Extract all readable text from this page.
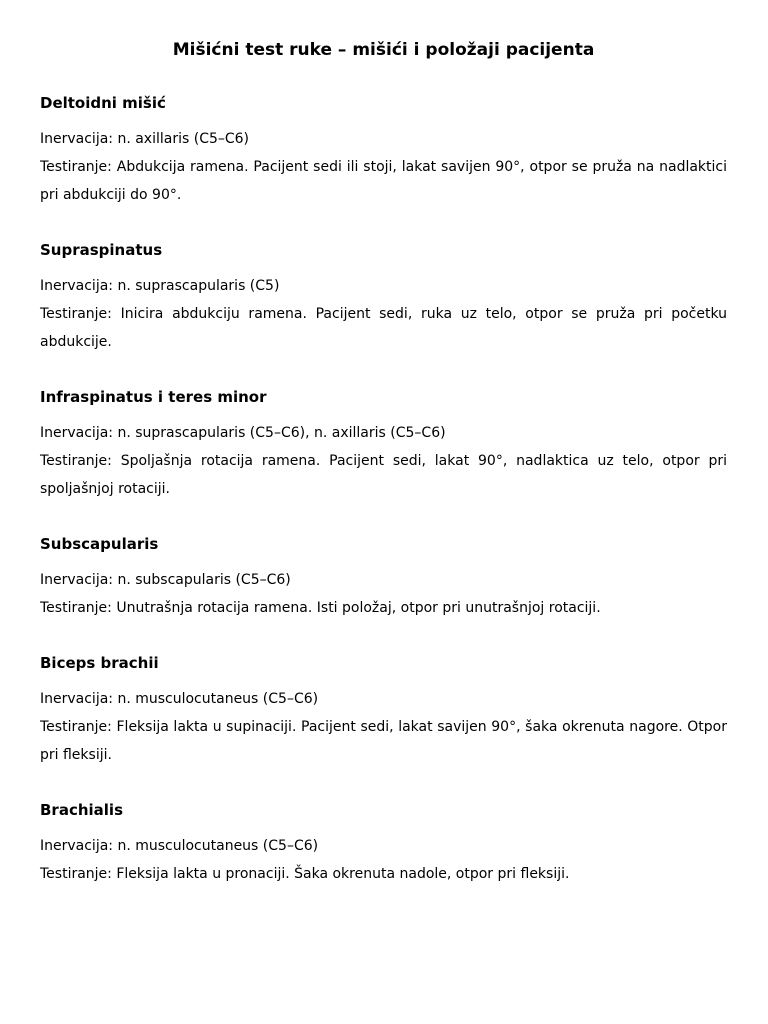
Mišićni test ruke – mišići i položaji pacijenta
Deltoidni mišić

Inervacija: n. axillaris (C5–C6)

Testiranje: Abdukcija ramena. Pacijent sedi ili stoji, lakat savijen 90°, otpor se pruža na nadlaktici pri abdukciji do 90°.

Supraspinatus

Inervacija: n. suprascapularis (C5)

Testiranje: Inicira abdukciju ramena. Pacijent sedi, ruka uz telo, otpor se pruža pri početku abdukcije.

Infraspinatus i teres minor

Inervacija: n. suprascapularis (C5–C6), n. axillaris (C5–C6)

Testiranje: Spoljašnja rotacija ramena. Pacijent sedi, lakat 90°, nadlaktica uz telo, otpor pri spoljašnjoj rotaciji.

Subscapularis

Inervacija: n. subscapularis (C5–C6)

Testiranje: Unutrašnja rotacija ramena. Isti položaj, otpor pri unutrašnjoj rotaciji.

Biceps brachii

Inervacija: n. musculocutaneus (C5–C6)

Testiranje: Fleksija lakta u supinaciji. Pacijent sedi, lakat savijen 90°, šaka okrenuta nagore. Otpor pri fleksiji.

Brachialis

Inervacija: n. musculocutaneus (C5–C6)

Testiranje: Fleksija lakta u pronaciji. Šaka okrenuta nadole, otpor pri fleksiji.
